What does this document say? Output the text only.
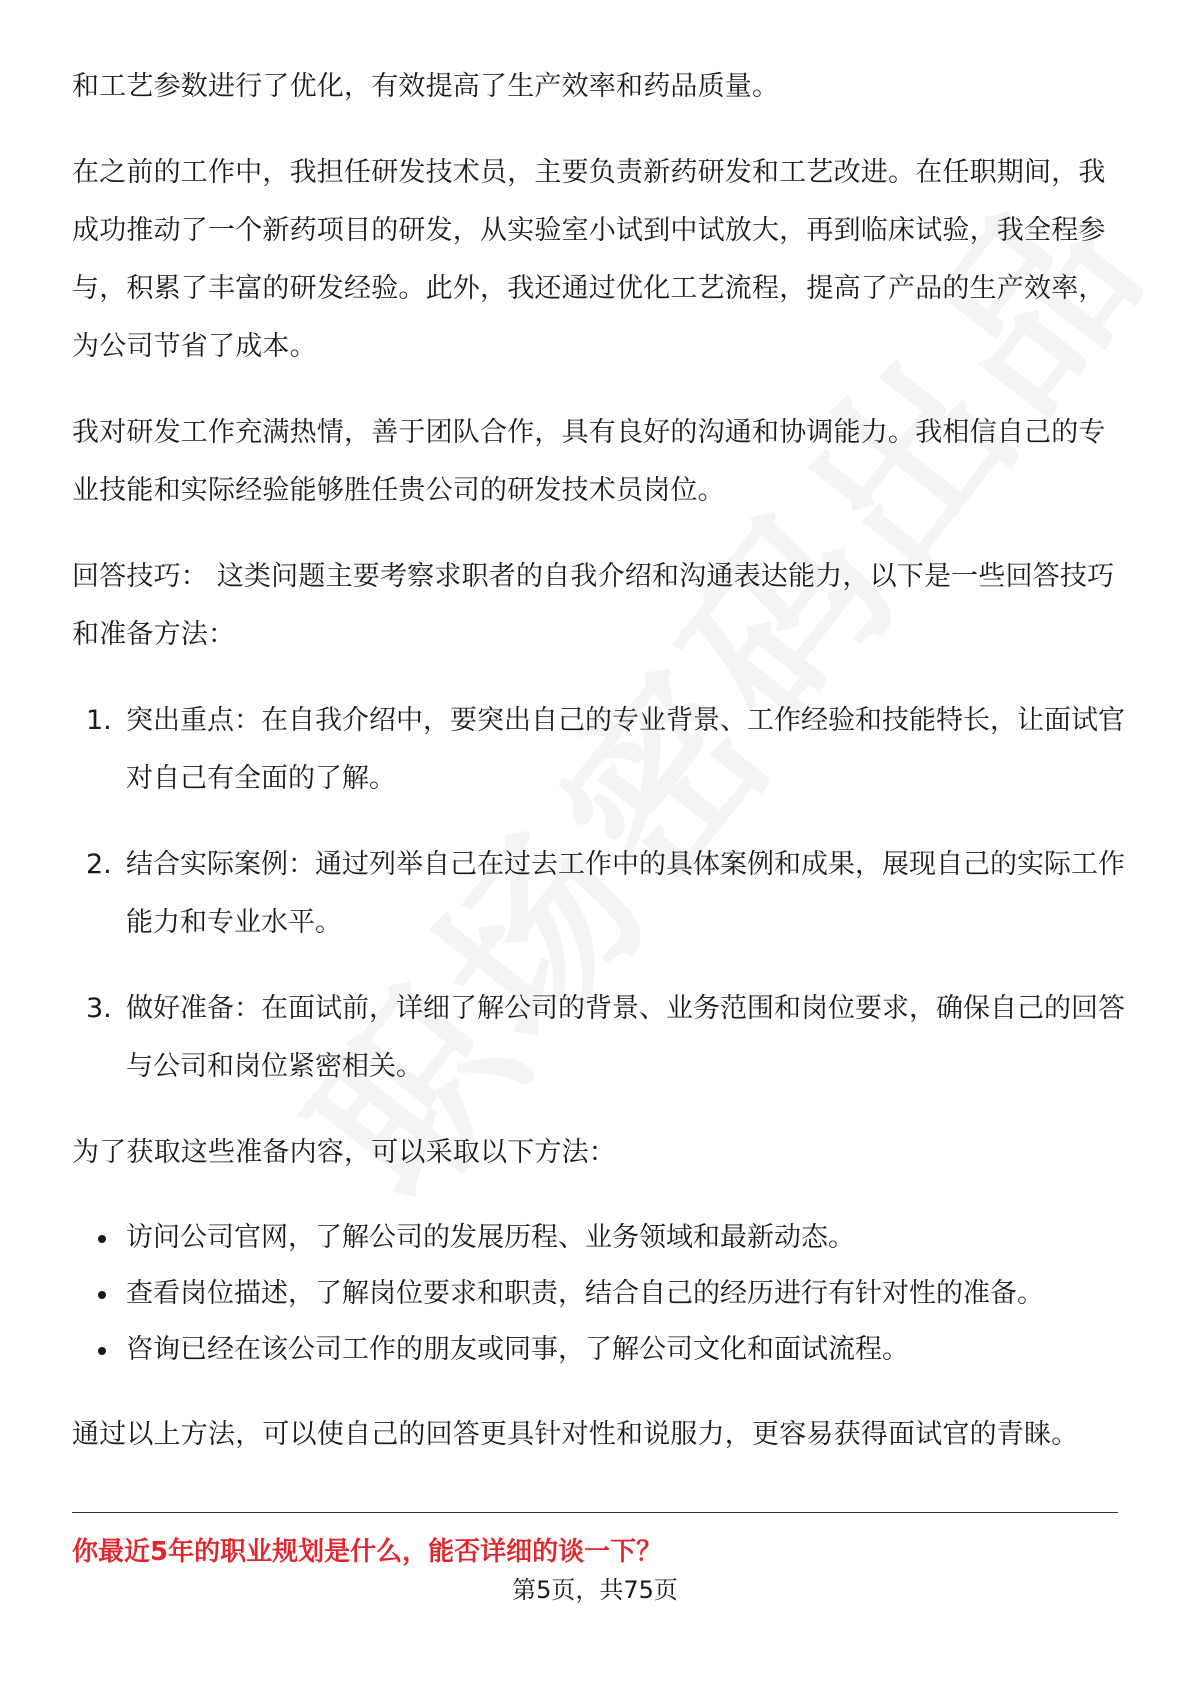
和工艺参数进行了优化，有效提高了生产效率和药品质量。

在之前的工作中，我担任研发技术员，主要负责新药研发和工艺改进。在任职期间，我成功推动了一个新药项目的研发，从实验室小试到中试放大，再到临床试验，我全程参与，积累了丰富的研发经验。此外，我还通过优化工艺流程，提高了产品的生产效率，为公司节省了成本。

我对研发工作充满热情，善于团队合作，具有良好的沟通和协调能力。我相信自己的专业技能和实际经验能够胜任贵公司的研发技术员岗位。

回答技巧： 这类问题主要考察求职者的自我介绍和沟通表达能力，以下是一些回答技巧和准备方法：

1. 突出重点：在自我介绍中，要突出自己的专业背景、工作经验和技能特长，让面试官对自己有全面的了解。
2. 结合实际案例：通过列举自己在过去工作中的具体案例和成果，展现自己的实际工作能力和专业水平。
3. 做好准备：在面试前，详细了解公司的背景、业务范围和岗位要求，确保自己的回答与公司和岗位紧密相关。

为了获取这些准备内容，可以采取以下方法：

访问公司官网，了解公司的发展历程、业务领域和最新动态。
查看岗位描述，了解岗位要求和职责，结合自己的经历进行有针对性的准备。
咨询已经在该公司工作的朋友或同事，了解公司文化和面试流程。

通过以上方法，可以使自己的回答更具针对性和说服力，更容易获得面试官的青睐。

你最近5年的职业规划是什么，能否详细的谈一下？
第5页，共75页
